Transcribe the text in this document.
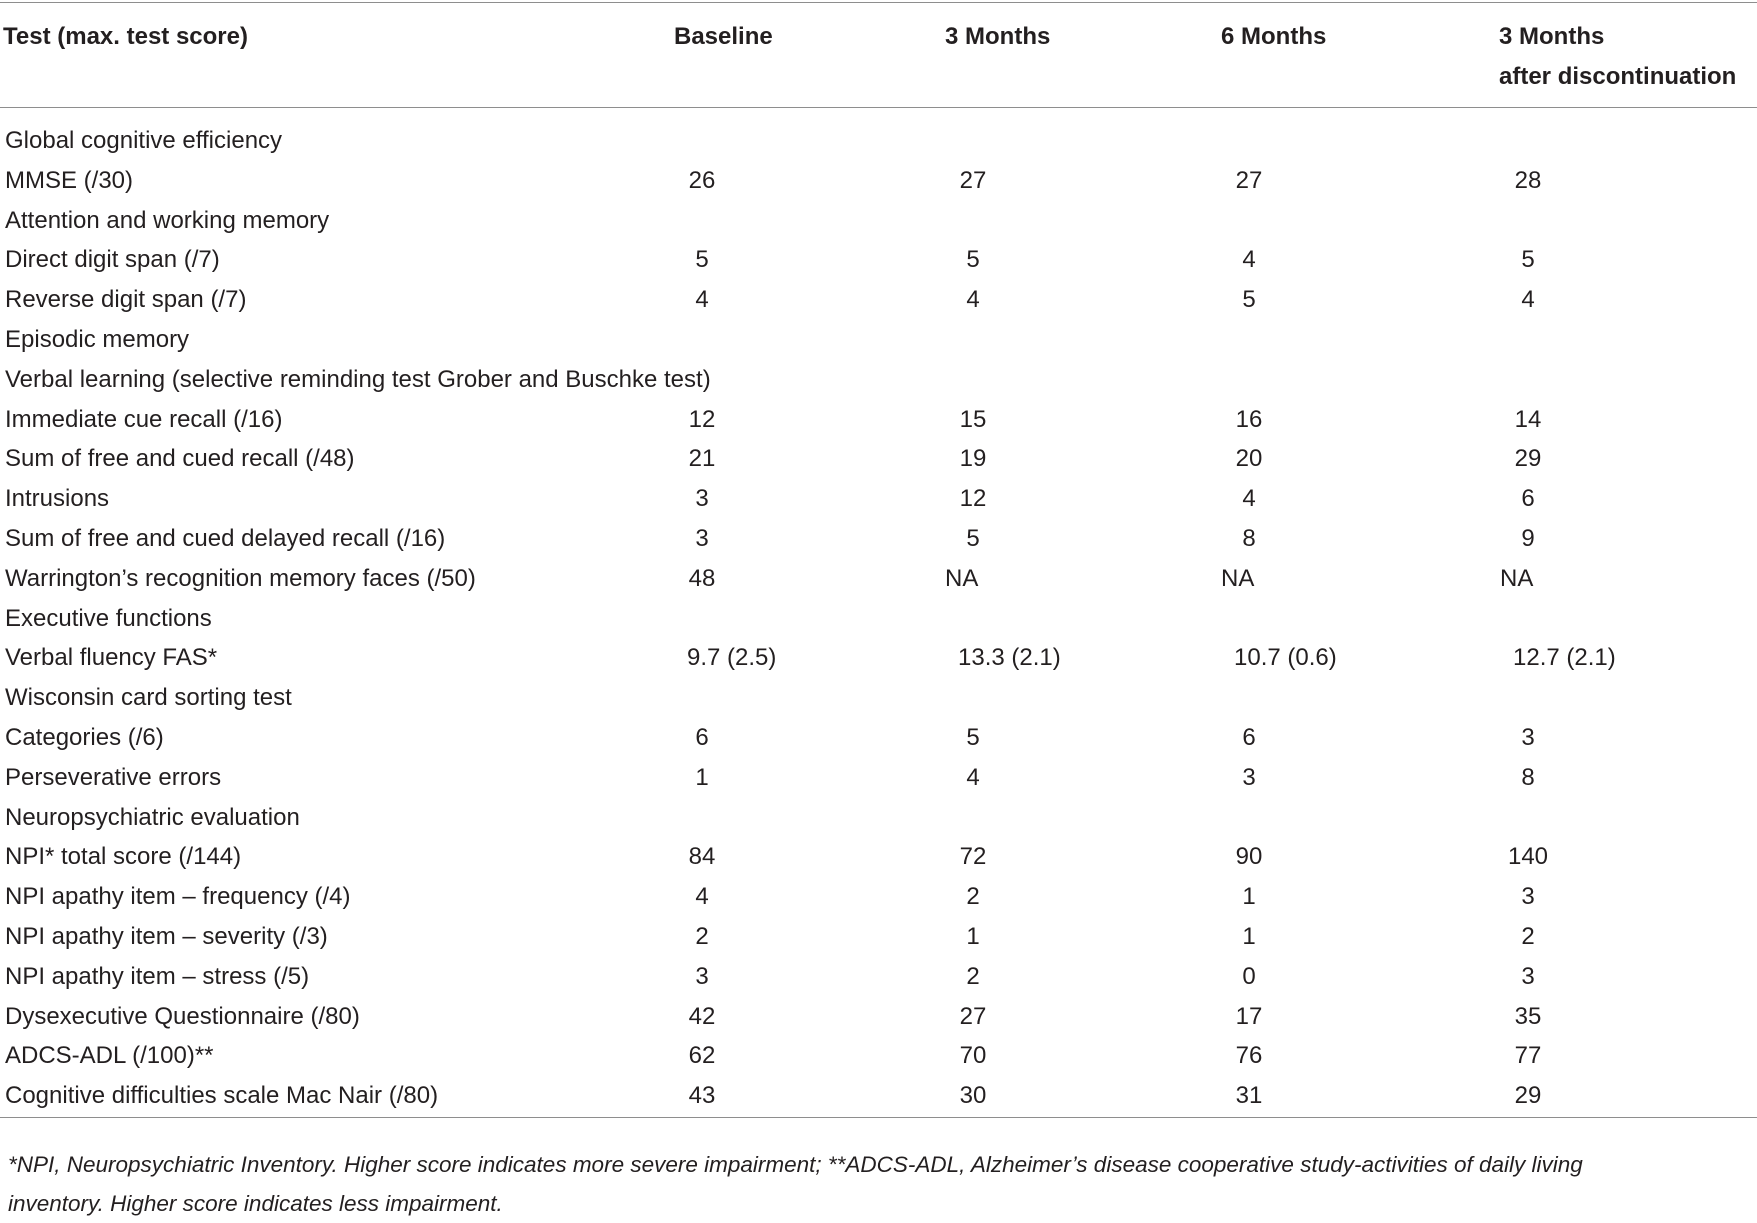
Test (max. test score)	Baseline	3 Months	6 Months	3 Months
after discontinuation
Global cognitive efficiency
MMSE (/30)	26	27	27	28
Attention and working memory
Direct digit span (/7)	5	5	4	5
Reverse digit span (/7)	4	4	5	4
Episodic memory
Verbal learning (selective reminding test Grober and Buschke test)
Immediate cue recall (/16)	12	15	16	14
Sum of free and cued recall (/48)	21	19	20	29
Intrusions	3	12	4	6
Sum of free and cued delayed recall (/16)	3	5	8	9
Warrington’s recognition memory faces (/50)	48	NA	NA	NA
Executive functions
Verbal fluency FAS*	9.7 (2.5)	13.3 (2.1)	10.7 (0.6)	12.7 (2.1)
Wisconsin card sorting test
Categories (/6)	6	5	6	3
Perseverative errors	1	4	3	8
Neuropsychiatric evaluation
NPI* total score (/144)	84	72	90	140
NPI apathy item – frequency (/4)	4	2	1	3
NPI apathy item – severity (/3)	2	1	1	2
NPI apathy item – stress (/5)	3	2	0	3
Dysexecutive Questionnaire (/80)	42	27	17	35
ADCS-ADL (/100)**	62	70	76	77
Cognitive difficulties scale Mac Nair (/80)	43	30	31	29
*NPI, Neuropsychiatric Inventory. Higher score indicates more severe impairment; **ADCS-ADL, Alzheimer’s disease cooperative study-activities of daily living
inventory. Higher score indicates less impairment.
